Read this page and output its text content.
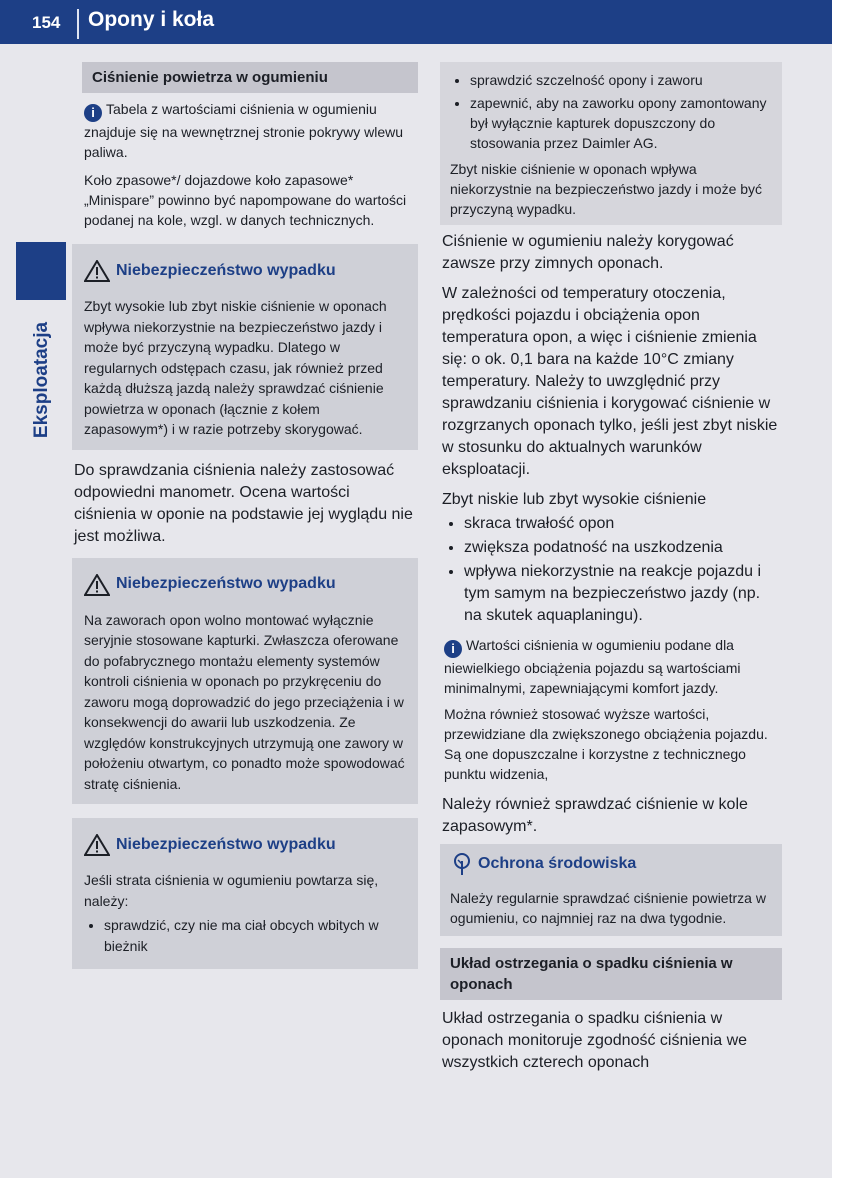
154 Opony i koła
Eksploatacja
Ciśnienie powietrza w ogumieniu

i Tabela z wartościami ciśnienia w ogumieniu znajduje się na wewnętrznej stronie pokrywy wlewu paliwa.

Koło zpasowe*/ dojazdowe koło zapasowe* „Minispare” powinno być napompowane do wartości podanej na kole, wzgl. w danych technicznych.

Niebezpieczeństwo wypadku

Zbyt wysokie lub zbyt niskie ciśnienie w oponach wpływa niekorzystnie na bezpieczeństwo jazdy i może być przyczyną wypadku. Dlatego w regularnych odstępach czasu, jak również przed każdą dłuższą jazdą należy sprawdzać ciśnienie powietrza w oponach (łącznie z kołem zapasowym*) i w razie potrzeby skorygować.

Do sprawdzania ciśnienia należy zastosować odpowiedni manometr. Ocena wartości ciśnienia w oponie na podstawie jej wyglądu nie jest możliwa.

Niebezpieczeństwo wypadku

Na zaworach opon wolno montować wyłącznie seryjnie stosowane kapturki. Zwłaszcza oferowane do pofabrycznego montażu elementy systemów kontroli ciśnienia w oponach po przykręceniu do zaworu mogą doprowadzić do jego przeciążenia i w konsekwencji do awarii lub uszkodzenia. Ze względów konstrukcyjnych utrzymują one zawory w położeniu otwartym, co ponadto może spowodować stratę ciśnienia.

Niebezpieczeństwo wypadku

Jeśli strata ciśnienia w ogumieniu powtarza się, należy:

• sprawdzić, czy nie ma ciał obcych wbitych w bieżnik
• sprawdzić szczelność opony i zaworu
• zapewnić, aby na zaworku opony zamontowany był wyłącznie kapturek dopuszczony do stosowania przez Daimler AG.

Zbyt niskie ciśnienie w oponach wpływa niekorzystnie na bezpieczeństwo jazdy i może być przyczyną wypadku.

Ciśnienie w ogumieniu należy korygować zawsze przy zimnych oponach.

W zależności od temperatury otoczenia, prędkości pojazdu i obciążenia opon temperatura opon, a więc i ciśnienie zmienia się: o ok. 0,1 bara na każde 10°C zmiany temperatury. Należy to uwzględnić przy sprawdzaniu ciśnienia i korygować ciśnienie w rozgrzanych oponach tylko, jeśli jest zbyt niskie w stosunku do aktualnych warunków eksploatacji.

Zbyt niskie lub zbyt wysokie ciśnienie

• skraca trwałość opon
• zwiększa podatność na uszkodzenia
• wpływa niekorzystnie na reakcje pojazdu i tym samym na bezpieczeństwo jazdy (np. na skutek aquaplaningu).

i Wartości ciśnienia w ogumieniu podane dla niewielkiego obciążenia pojazdu są wartościami minimalnymi, zapewniającymi komfort jazdy.

Można również stosować wyższe wartości, przewidziane dla zwiększonego obciążenia pojazdu. Są one dopuszczalne i korzystne z technicznego punktu widzenia,

Należy również sprawdzać ciśnienie w kole zapasowym*.

Ochrona środowiska

Należy regularnie sprawdzać ciśnienie powietrza w ogumieniu, co najmniej raz na dwa tygodnie.

Układ ostrzegania o spadku ciśnienia w oponach

Układ ostrzegania o spadku ciśnienia w oponach monitoruje zgodność ciśnienia we wszystkich czterech oponach
